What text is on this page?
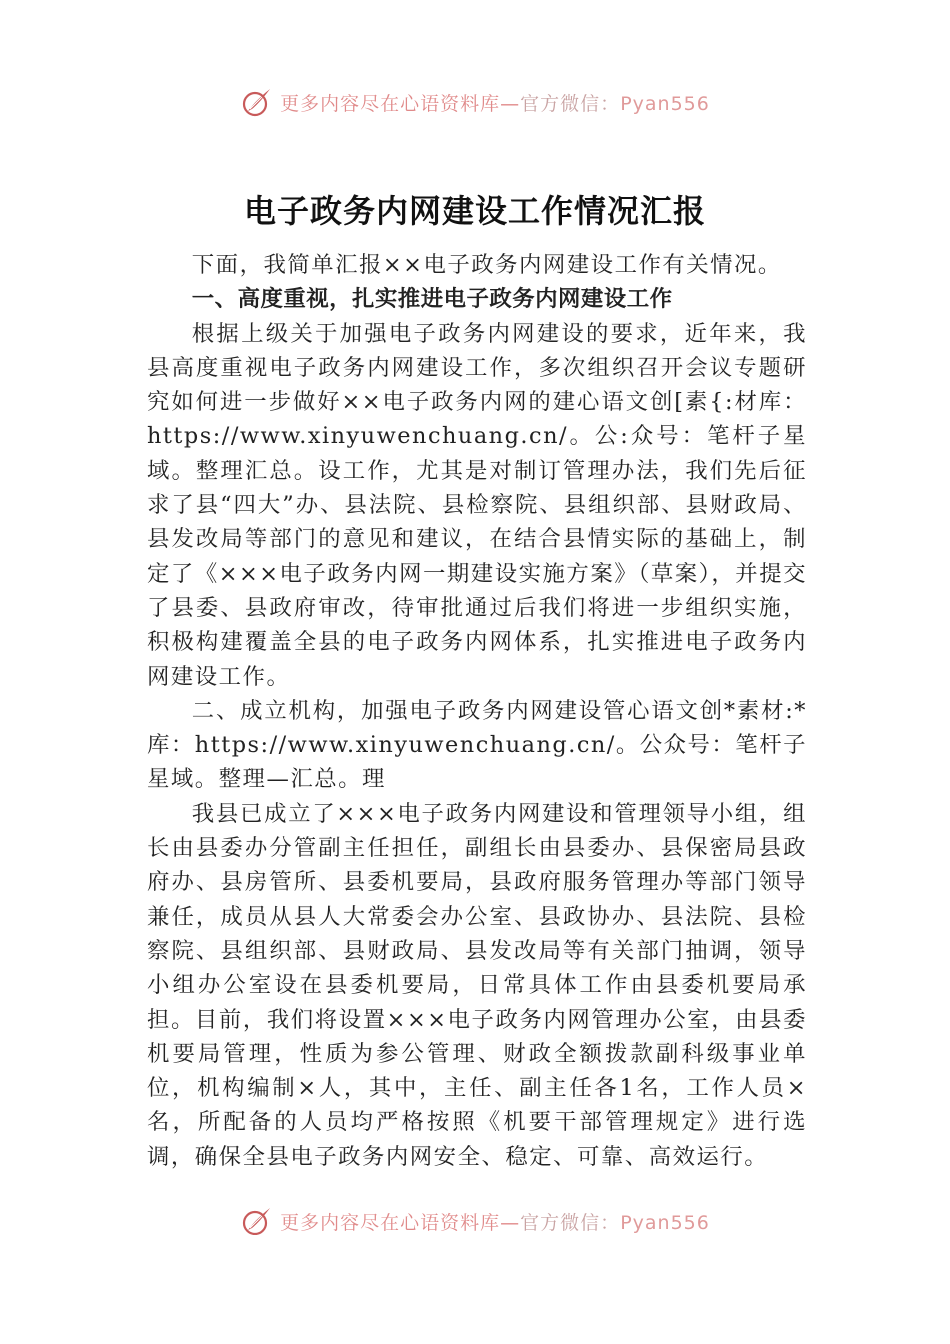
更多内容尽在心语资料库—官方微信：Pyan556
电子政务内网建设工作情况汇报

下面，我简单汇报××电子政务内网建设工作有关情况。

一、高度重视，扎实推进电子政务内网建设工作

根据上级关于加强电子政务内网建设的要求，近年来，我县高度重视电子政务内网建设工作，多次组织召开会议专题研究如何进一步做好××电子政务内网的建心语文创[素{:材库：https://www.xinyuwenchuang.cn/。公:众号：笔杆子星域。整理汇总。设工作，尤其是对制订管理办法，我们先后征求了县“四大”办、县法院、县检察院、县组织部、县财政局、县发改局等部门的意见和建议，在结合县情实际的基础上，制定了《×××电子政务内网一期建设实施方案》（草案），并提交了县委、县政府审改，待审批通过后我们将进一步组织实施，积极构建覆盖全县的电子政务内网体系，扎实推进电子政务内网建设工作。

二、成立机构，加强电子政务内网建设管心语文创*素材:*库：https://www.xinyuwenchuang.cn/。公众号：笔杆子星域。整理—汇总。理

我县已成立了×××电子政务内网建设和管理领导小组，组长由县委办分管副主任担任，副组长由县委办、县保密局县政府办、县房管所、县委机要局，县政府服务管理办等部门领导兼任，成员从县人大常委会办公室、县政协办、县法院、县检察院、县组织部、县财政局、县发改局等有关部门抽调，领导小组办公室设在县委机要局，日常具体工作由县委机要局承担。目前，我们将设置×××电子政务内网管理办公室，由县委机要局管理，性质为参公管理、财政全额拨款副科级事业单位，机构编制×人，其中，主任、副主任各1名，工作人员×名，所配备的人员均严格按照《机要干部管理规定》进行选调，确保全县电子政务内网安全、稳定、可靠、高效运行。

更多内容尽在心语资料库—官方微信：Pyan556
